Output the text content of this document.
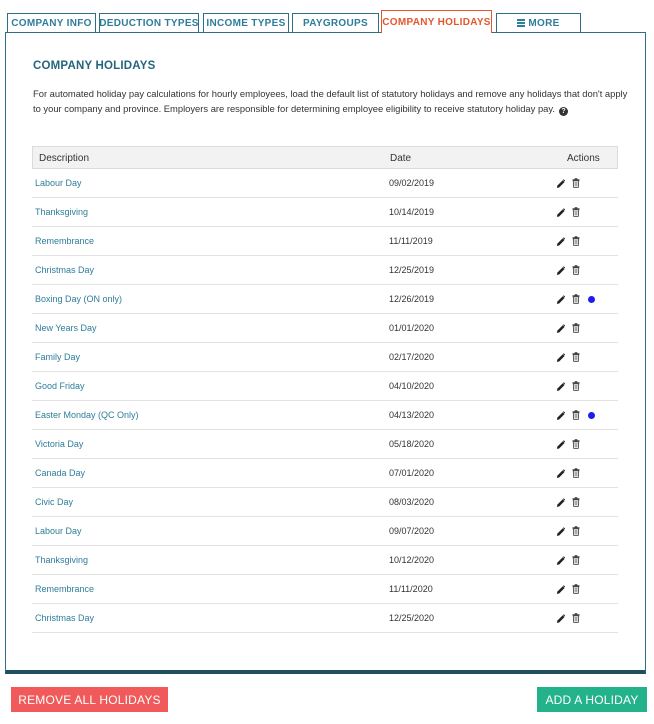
COMPANY INFO DEDUCTION TYPES INCOME TYPES PAYGROUPS COMPANY HOLIDAYS	MORE
COMPANY HOLIDAYS
For automated holiday pay calculations for hourly employees, load the default list of statutory holidays and remove any holidays that don't apply to your company and province. Employers are responsible for determining employee eligibility to receive statutory holiday pay. ?
Description	Date	Actions
Labour Day	09/02/2019
Thanksgiving	10/14/2019
Remembrance	11/11/2019
Christmas Day	12/25/2019
Boxing Day (ON only)	12/26/2019
New Years Day	01/01/2020
Family Day	02/17/2020
Good Friday	04/10/2020
Easter Monday (QC Only)	04/13/2020
Victoria Day	05/18/2020
Canada Day	07/01/2020
Civic Day	08/03/2020
Labour Day	09/07/2020
Thanksgiving	10/12/2020
Remembrance	11/11/2020
Christmas Day	12/25/2020
REMOVE ALL HOLIDAYS	ADD A HOLIDAY
